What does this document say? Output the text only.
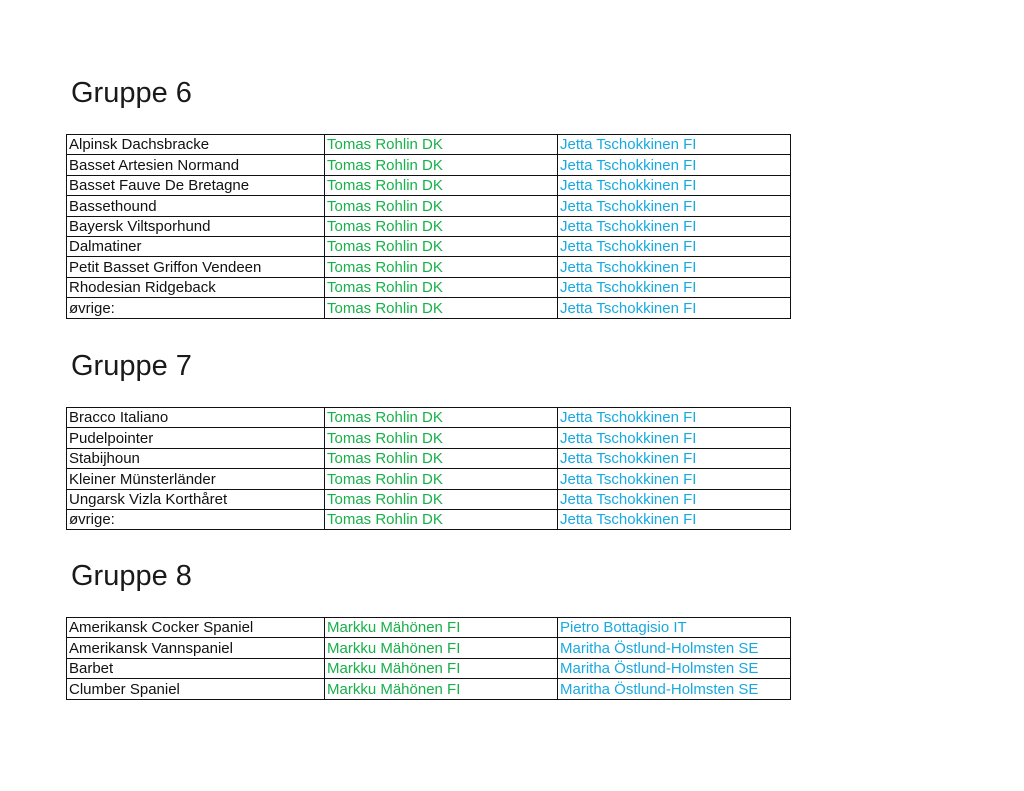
Gruppe 6
Alpinsk Dachsbracke	Tomas Rohlin DK	Jetta Tschokkinen FI
Basset Artesien Normand	Tomas Rohlin DK	Jetta Tschokkinen FI
Basset Fauve De Bretagne	Tomas Rohlin DK	Jetta Tschokkinen FI
Bassethound	Tomas Rohlin DK	Jetta Tschokkinen FI
Bayersk Viltsporhund	Tomas Rohlin DK	Jetta Tschokkinen FI
Dalmatiner	Tomas Rohlin DK	Jetta Tschokkinen FI
Petit Basset Griffon Vendeen	Tomas Rohlin DK	Jetta Tschokkinen FI
Rhodesian Ridgeback	Tomas Rohlin DK	Jetta Tschokkinen FI
øvrige:	Tomas Rohlin DK	Jetta Tschokkinen FI
Gruppe 7
Bracco Italiano	Tomas Rohlin DK	Jetta Tschokkinen FI
Pudelpointer	Tomas Rohlin DK	Jetta Tschokkinen FI
Stabijhoun	Tomas Rohlin DK	Jetta Tschokkinen FI
Kleiner Münsterländer	Tomas Rohlin DK	Jetta Tschokkinen FI
Ungarsk Vizla Korthåret	Tomas Rohlin DK	Jetta Tschokkinen FI
øvrige:	Tomas Rohlin DK	Jetta Tschokkinen FI
Gruppe 8
Amerikansk Cocker Spaniel	Markku Mähönen FI	Pietro Bottagisio IT
Amerikansk Vannspaniel	Markku Mähönen FI	Maritha Östlund-Holmsten SE
Barbet	Markku Mähönen FI	Maritha Östlund-Holmsten SE
Clumber Spaniel	Markku Mähönen FI	Maritha Östlund-Holmsten SE
